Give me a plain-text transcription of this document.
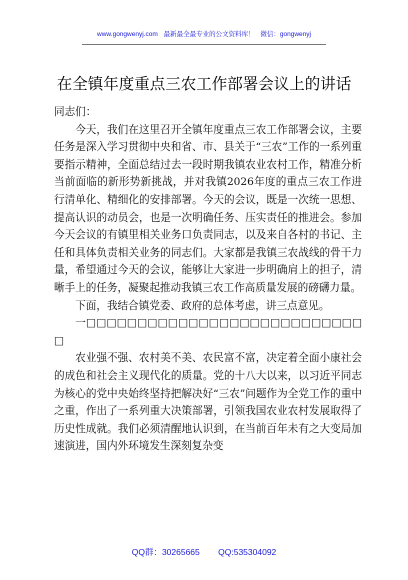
www.gongwenyj.com 最新最全最专业的公文资料库！ 微信：gongwenyj
在全镇年度重点三农工作部署会议上的讲话

同志们：

今天，我们在这里召开全镇年度重点三农工作部署会议，主要任务是深入学习贯彻中央和省、市、县关于“三农”工作的一系列重要指示精神，全面总结过去一段时期我镇农业农村工作，精准分析当前面临的新形势新挑战，并对我镇2026年度的重点三农工作进行清单化、精细化的安排部署。今天的会议，既是一次统一思想、提高认识的动员会，也是一次明确任务、压实责任的推进会。参加今天会议的有镇里相关业务口负责同志，以及来自各村的书记、主任和具体负责相关业务的同志们。大家都是我镇三农战线的骨干力量，希望通过今天的会议，能够让大家进一步明确肩上的担子，清晰手上的任务，凝聚起推动我镇三农工作高质量发展的磅礴力量。

下面，我结合镇党委、政府的总体考虑，讲三点意见。

一□□□□□□□□□□□□□□□□□□□□□□□□□□□□

农业强不强、农村美不美、农民富不富，决定着全面小康社会的成色和社会主义现代化的质量。党的十八大以来，以习近平同志为核心的党中央始终坚持把解决好“三农”问题作为全党工作的重中之重，作出了一系列重大决策部署，引领我国农业农村发展取得了历史性成就。我们必须清醒地认识到，在当前百年未有之大变局加速演进，国内外环境发生深刻复杂变

QQ群：30265665 QQ:535304092
